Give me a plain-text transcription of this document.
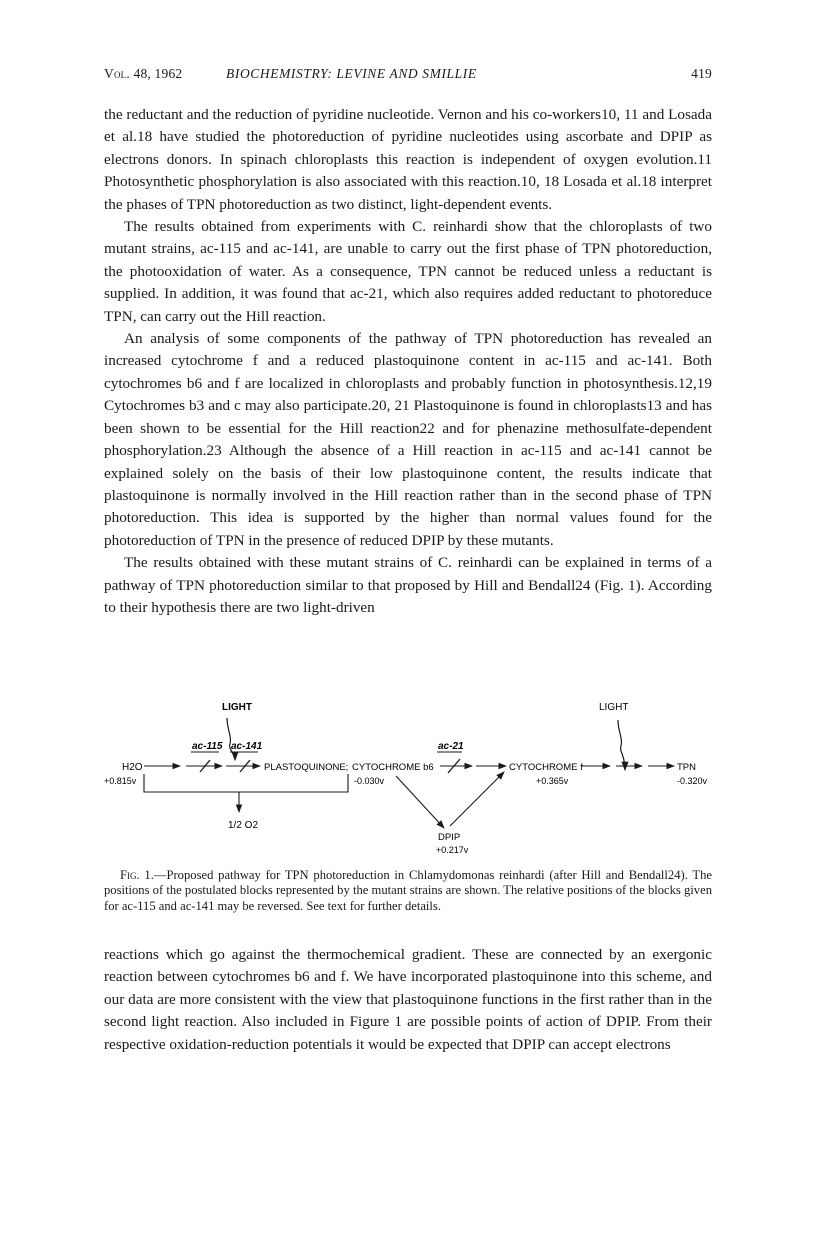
Vol. 48, 1962	BIOCHEMISTRY: LEVINE AND SMILLIE	419

the reductant and the reduction of pyridine nucleotide. Vernon and his co-workers10, 11 and Losada et al.18 have studied the photoreduction of pyridine nucleotides using ascorbate and DPIP as electrons donors. In spinach chloroplasts this reaction is independent of oxygen evolution.11 Photosynthetic phosphorylation is also associated with this reaction.10, 18 Losada et al.18 interpret the phases of TPN photoreduction as two distinct, light-dependent events.

The results obtained from experiments with C. reinhardi show that the chloroplasts of two mutant strains, ac-115 and ac-141, are unable to carry out the first phase of TPN photoreduction, the photooxidation of water. As a consequence, TPN cannot be reduced unless a reductant is supplied. In addition, it was found that ac-21, which also requires added reductant to photoreduce TPN, can carry out the Hill reaction.

An analysis of some components of the pathway of TPN photoreduction has revealed an increased cytochrome f and a reduced plastoquinone content in ac-115 and ac-141. Both cytochromes b6 and f are localized in chloroplasts and probably function in photosynthesis.12,19 Cytochromes b3 and c may also participate.20, 21 Plastoquinone is found in chloroplasts13 and has been shown to be essential for the Hill reaction22 and for phenazine methosulfate-dependent phosphorylation.23 Although the absence of a Hill reaction in ac-115 and ac-141 cannot be explained solely on the basis of their low plastoquinone content, the results indicate that plastoquinone is normally involved in the Hill reaction rather than in the second phase of TPN photoreduction. This idea is supported by the higher than normal values found for the photoreduction of TPN in the presence of reduced DPIP by these mutants.

The results obtained with these mutant strains of C. reinhardi can be explained in terms of a pathway of TPN photoreduction similar to that proposed by Hill and Bendall24 (Fig. 1). According to their hypothesis there are two light-driven

LIGHT	LIGHT
ac-115 ac-141	ac-21
H2O
+0.815v
PLASTOQUINONE; CYTOCHROME b6
-0.030v
CYTOCHROME f
+0.365v
TPN
-0.320v
1/2 O2
DPIP
+0.217v
Fig. 1.—Proposed pathway for TPN photoreduction in Chlamydomonas reinhardi (after Hill and Bendall24). The positions of the postulated blocks represented by the mutant strains are shown. The relative positions of the blocks given for ac-115 and ac-141 may be reversed. See text for further details.

reactions which go against the thermochemical gradient. These are connected by an exergonic reaction between cytochromes b6 and f. We have incorporated plastoquinone into this scheme, and our data are more consistent with the view that plastoquinone functions in the first rather than in the second light reaction. Also included in Figure 1 are possible points of action of DPIP. From their respective oxidation-reduction potentials it would be expected that DPIP can accept electrons
